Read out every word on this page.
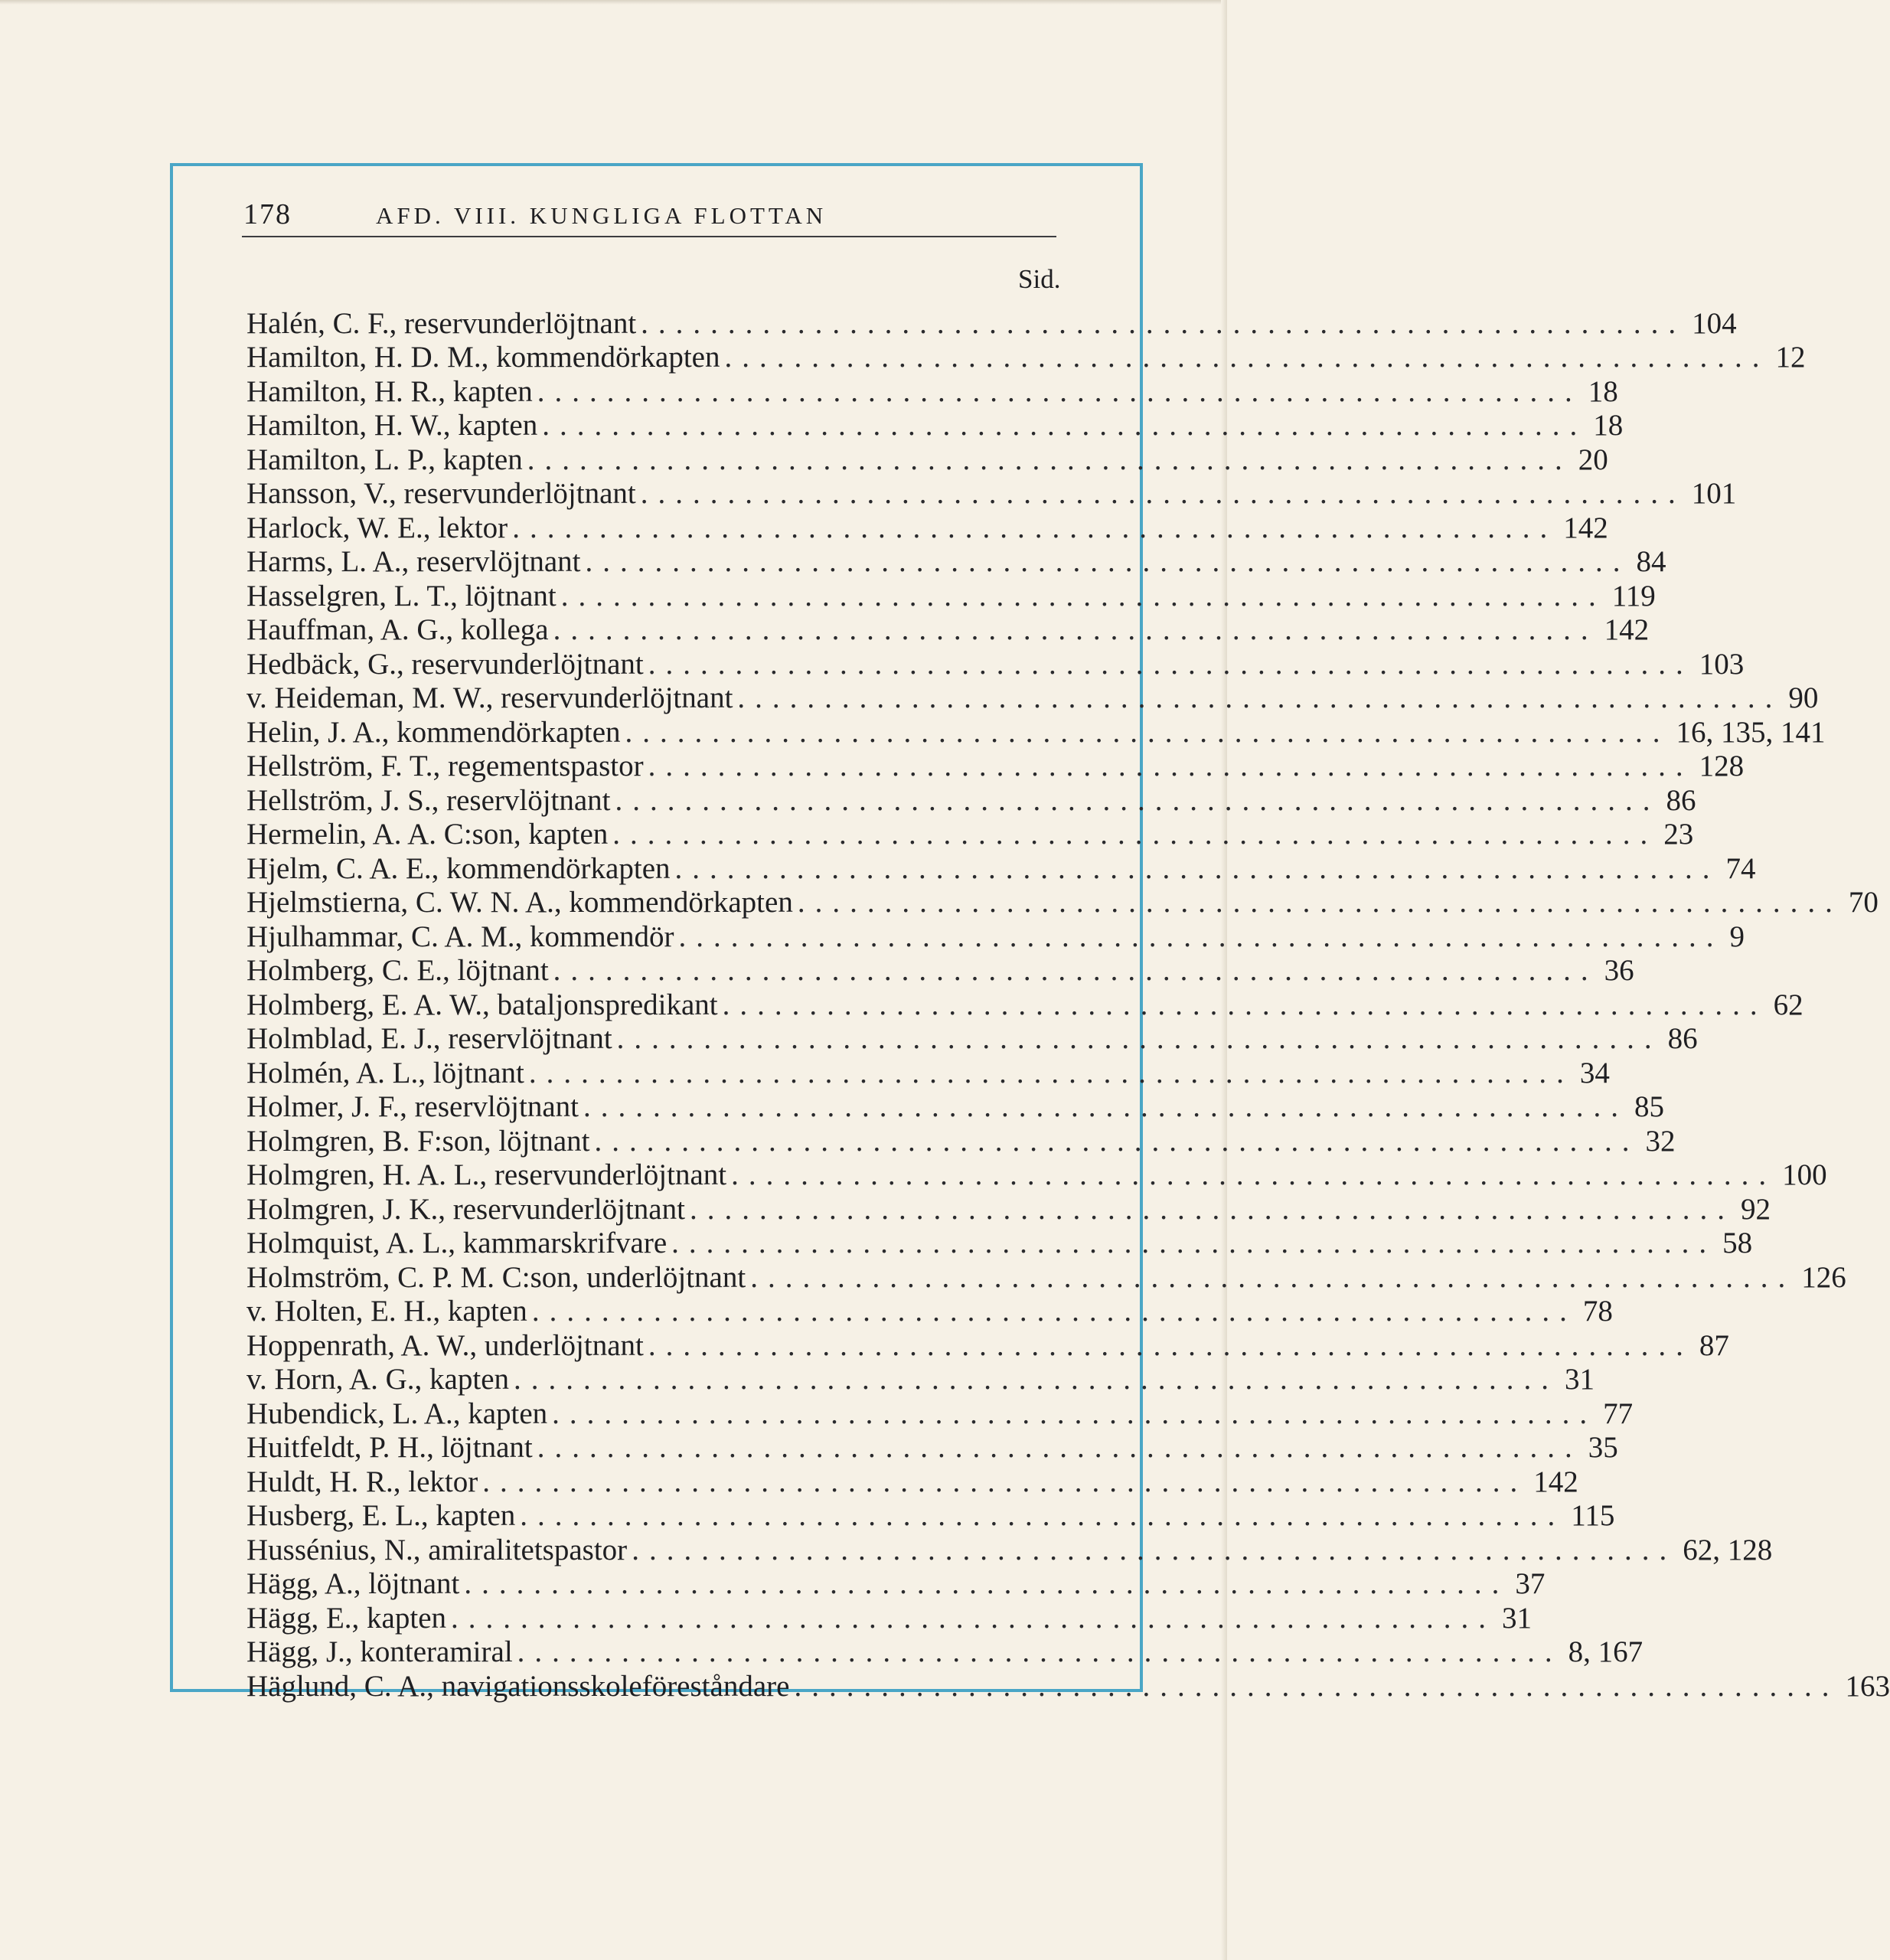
178	AFD. VIII. KUNGLIGA FLOTTAN
Sid.
Halén, C. F., reservunderlöjtnant ............................................................ 104
Hamilton, H. D. M., kommendörkapten ............................................................ 12
Hamilton, H. R., kapten ............................................................ 18
Hamilton, H. W., kapten ............................................................ 18
Hamilton, L. P., kapten ............................................................ 20
Hansson, V., reservunderlöjtnant ............................................................ 101
Harlock, W. E., lektor ............................................................ 142
Harms, L. A., reservlöjtnant ............................................................ 84
Hasselgren, L. T., löjtnant ............................................................ 119
Hauffman, A. G., kollega ............................................................ 142
Hedbäck, G., reservunderlöjtnant ............................................................ 103
v. Heideman, M. W., reservunderlöjtnant ............................................................ 90
Helin, J. A., kommendörkapten ............................................................ 16, 135, 141
Hellström, F. T., regementspastor ............................................................ 128
Hellström, J. S., reservlöjtnant ............................................................ 86
Hermelin, A. A. C:son, kapten ............................................................ 23
Hjelm, C. A. E., kommendörkapten ............................................................ 74
Hjelmstierna, C. W. N. A., kommendörkapten ............................................................ 70
Hjulhammar, C. A. M., kommendör ............................................................ 9
Holmberg, C. E., löjtnant ............................................................ 36
Holmberg, E. A. W., bataljonspredikant ............................................................ 62
Holmblad, E. J., reservlöjtnant ............................................................ 86
Holmén, A. L., löjtnant ............................................................ 34
Holmer, J. F., reservlöjtnant ............................................................ 85
Holmgren, B. F:son, löjtnant ............................................................ 32
Holmgren, H. A. L., reservunderlöjtnant ............................................................ 100
Holmgren, J. K., reservunderlöjtnant ............................................................ 92
Holmquist, A. L., kammarskrifvare ............................................................ 58
Holmström, C. P. M. C:son, underlöjtnant ............................................................ 126
v. Holten, E. H., kapten ............................................................ 78
Hoppenrath, A. W., underlöjtnant ............................................................ 87
v. Horn, A. G., kapten ............................................................ 31
Hubendick, L. A., kapten ............................................................ 77
Huitfeldt, P. H., löjtnant ............................................................ 35
Huldt, H. R., lektor ............................................................ 142
Husberg, E. L., kapten ............................................................ 115
Hussénius, N., amiralitetspastor ............................................................ 62, 128
Hägg, A., löjtnant ............................................................ 37
Hägg, E., kapten ............................................................ 31
Hägg, J., konteramiral ............................................................ 8, 167
Häglund, C. A., navigationsskoleföreståndare ............................................................ 163
